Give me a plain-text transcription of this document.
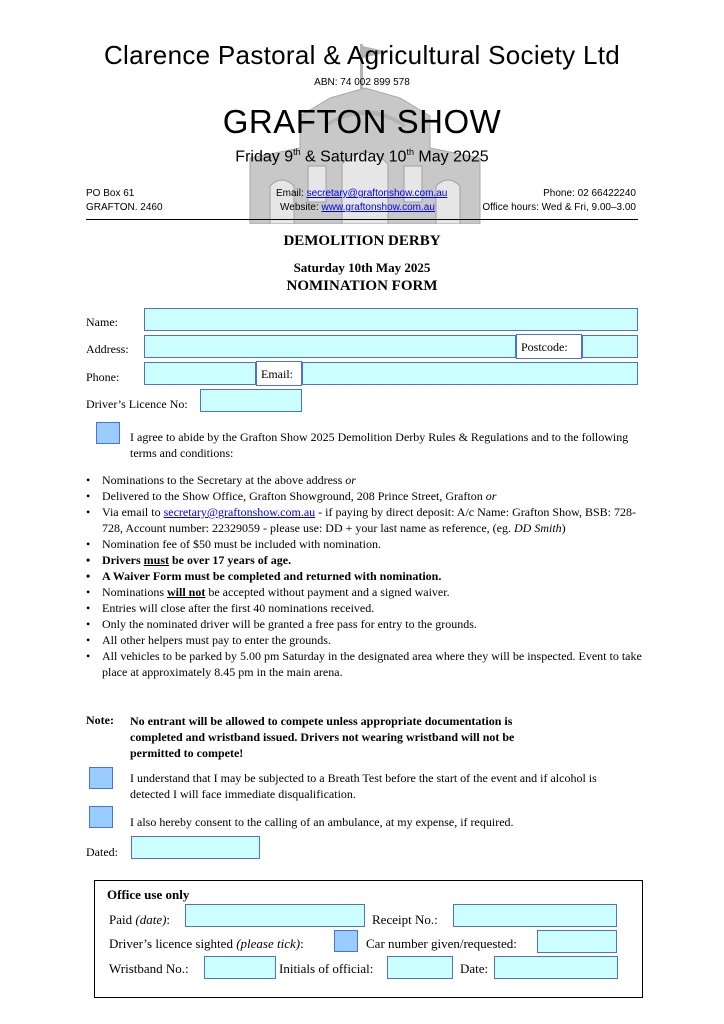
Clarence Pastoral & Agricultural Society Ltd
ABN: 74 002 899 578
GRAFTON SHOW
Friday 9th & Saturday 10th May 2025
PO Box 61
GRAFTON. 2460
Email: secretary@graftonshow.com.au
Website: www.graftonshow.com.au
Phone: 02 66422240
Office hours: Wed & Fri, 9.00–3.00
DEMOLITION DERBY
Saturday 10th May 2025
NOMINATION FORM
Name:
Address:	Postcode:
Phone:	Email:
Driver’s Licence No:
I agree to abide by the Grafton Show 2025 Demolition Derby Rules & Regulations and to the following terms and conditions:
• Nominations to the Secretary at the above address or
• Delivered to the Show Office, Grafton Showground, 208 Prince Street, Grafton or
• Via email to secretary@graftonshow.com.au - if paying by direct deposit: A/c Name: Grafton Show, BSB: 728-728, Account number: 22329059 - please use: DD + your last name as reference, (eg. DD Smith)
• Nomination fee of $50 must be included with nomination.
• Drivers must be over 17 years of age.
• A Waiver Form must be completed and returned with nomination.
• Nominations will not be accepted without payment and a signed waiver.
• Entries will close after the first 40 nominations received.
• Only the nominated driver will be granted a free pass for entry to the grounds.
• All other helpers must pay to enter the grounds.
• All vehicles to be parked by 5.00 pm Saturday in the designated area where they will be inspected. Event to take place at approximately 8.45 pm in the main arena.
Note: No entrant will be allowed to compete unless appropriate documentation is completed and wristband issued. Drivers not wearing wristband will not be permitted to compete!
I understand that I may be subjected to a Breath Test before the start of the event and if alcohol is detected I will face immediate disqualification.
I also hereby consent to the calling of an ambulance, at my expense, if required.
Dated:
Office use only
Paid (date):	Receipt No.:
Driver’s licence sighted (please tick):	Car number given/requested:
Wristband No.:	Initials of official:	Date:
